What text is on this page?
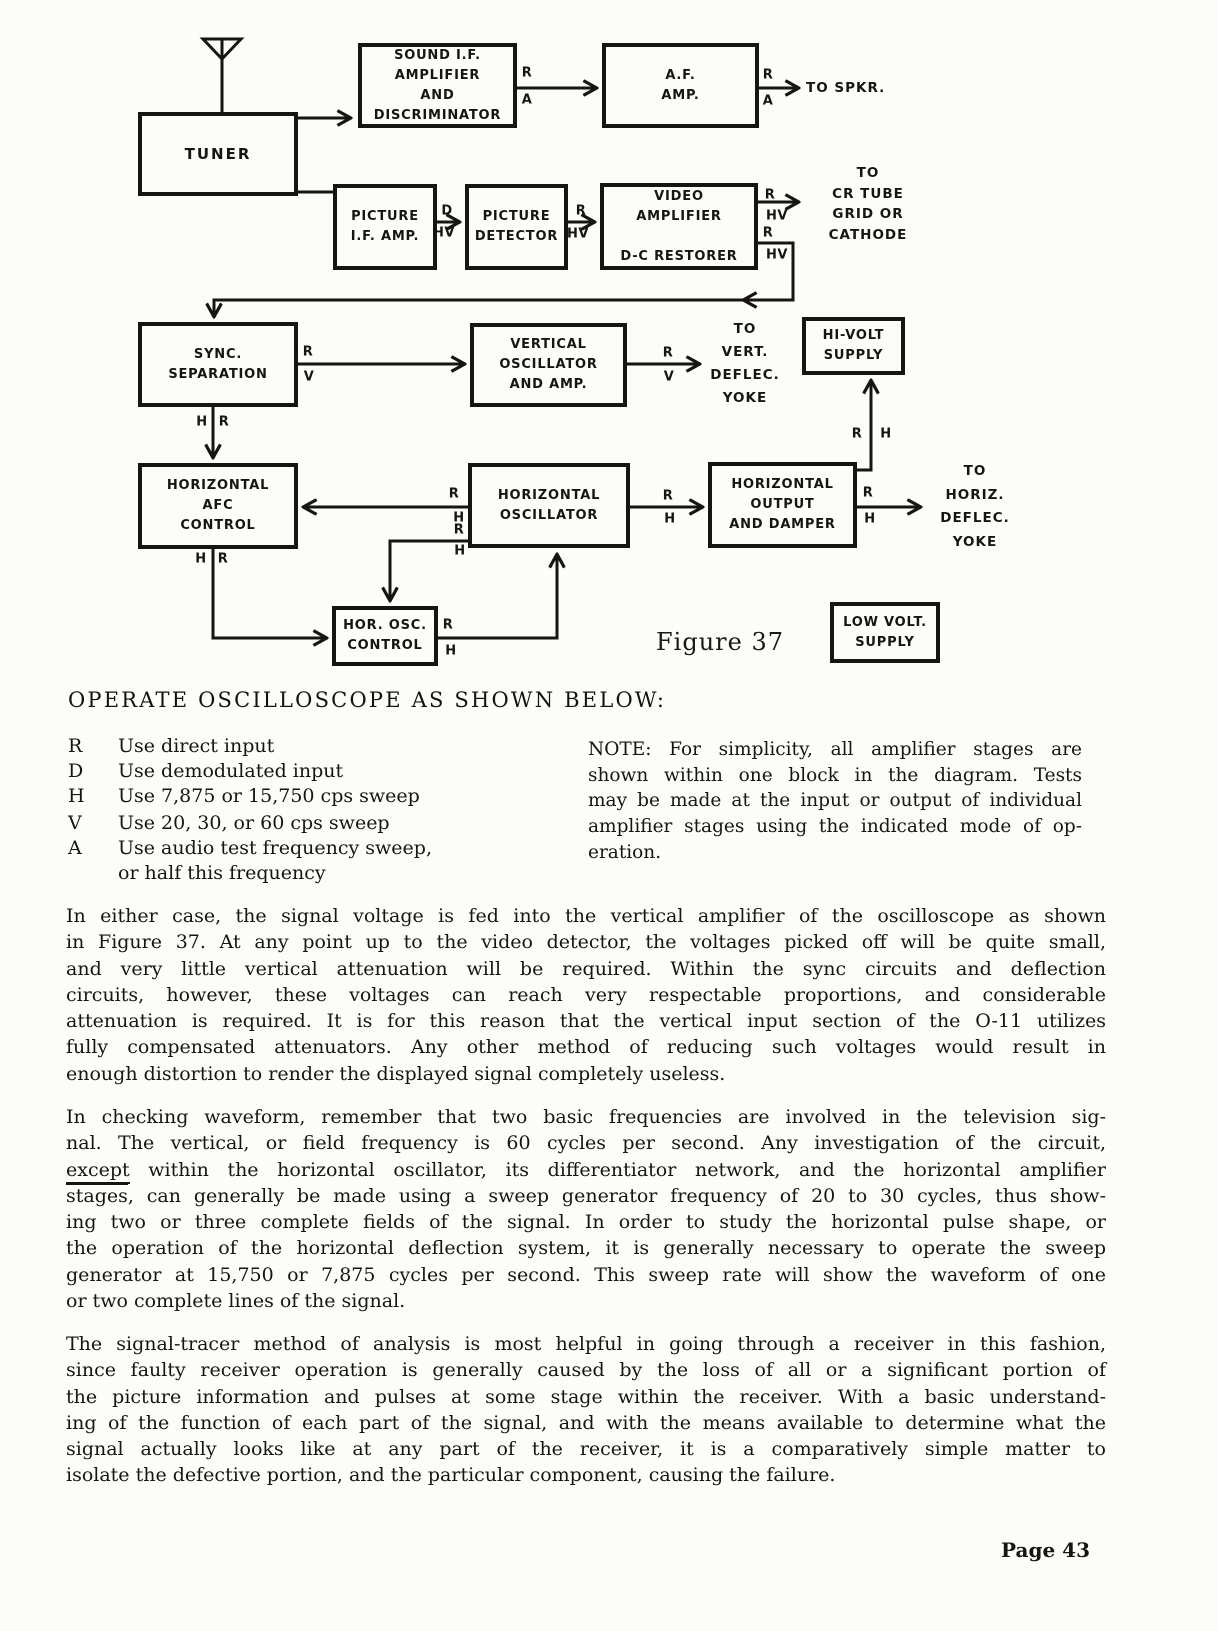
TUNER
SOUND I.F.
AMPLIFIER
AND
DISCRIMINATOR
A.F.
AMP.
PICTURE
I.F. AMP.
PICTURE
DETECTOR
VIDEO
AMPLIFIER

D-C RESTORER
SYNC.
SEPARATION
VERTICAL
OSCILLATOR
AND AMP.
HI-VOLT
SUPPLY
HORIZONTAL
AFC
CONTROL
HORIZONTAL
OSCILLATOR
HORIZONTAL
OUTPUT
AND DAMPER
HOR. OSC.
CONTROL
LOW VOLT.
SUPPLY
TO SPKR.
TO
CR TUBE
GRID OR
CATHODE
TO
VERT.
DEFLEC.
YOKE
TO
HORIZ.
DEFLEC.
YOKE
R
A
R
A
D
HV
R
HV
R
HV
R
HV
R
V
R
V
H R
R
H
R
H
H R
R
H
R
H
R
H
R H
Figure 37
OPERATE OSCILLOSCOPE AS SHOWN BELOW:
R Use direct input
D Use demodulated input
H Use 7,875 or 15,750 cps sweep
V Use 20, 30, or 60 cps sweep
A Use audio test frequency sweep,
or half this frequency
NOTE: For simplicity, all amplifier stages are
shown within one block in the diagram. Tests
may be made at the input or output of individual
amplifier stages using the indicated mode of op-
eration.
In either case, the signal voltage is fed into the vertical amplifier of the oscilloscope as shown
in Figure 37. At any point up to the video detector, the voltages picked off will be quite small,
and very little vertical attenuation will be required. Within the sync circuits and deflection
circuits, however, these voltages can reach very respectable proportions, and considerable
attenuation is required. It is for this reason that the vertical input section of the O-11 utilizes
fully compensated attenuators. Any other method of reducing such voltages would result in
enough distortion to render the displayed signal completely useless.
In checking waveform, remember that two basic frequencies are involved in the television sig-
nal. The vertical, or field frequency is 60 cycles per second. Any investigation of the circuit,
except within the horizontal oscillator, its differentiator network, and the horizontal amplifier
stages, can generally be made using a sweep generator frequency of 20 to 30 cycles, thus show-
ing two or three complete fields of the signal. In order to study the horizontal pulse shape, or
the operation of the horizontal deflection system, it is generally necessary to operate the sweep
generator at 15,750 or 7,875 cycles per second. This sweep rate will show the waveform of one
or two complete lines of the signal.
The signal-tracer method of analysis is most helpful in going through a receiver in this fashion,
since faulty receiver operation is generally caused by the loss of all or a significant portion of
the picture information and pulses at some stage within the receiver. With a basic understand-
ing of the function of each part of the signal, and with the means available to determine what the
signal actually looks like at any part of the receiver, it is a comparatively simple matter to
isolate the defective portion, and the particular component, causing the failure.
Page 43
